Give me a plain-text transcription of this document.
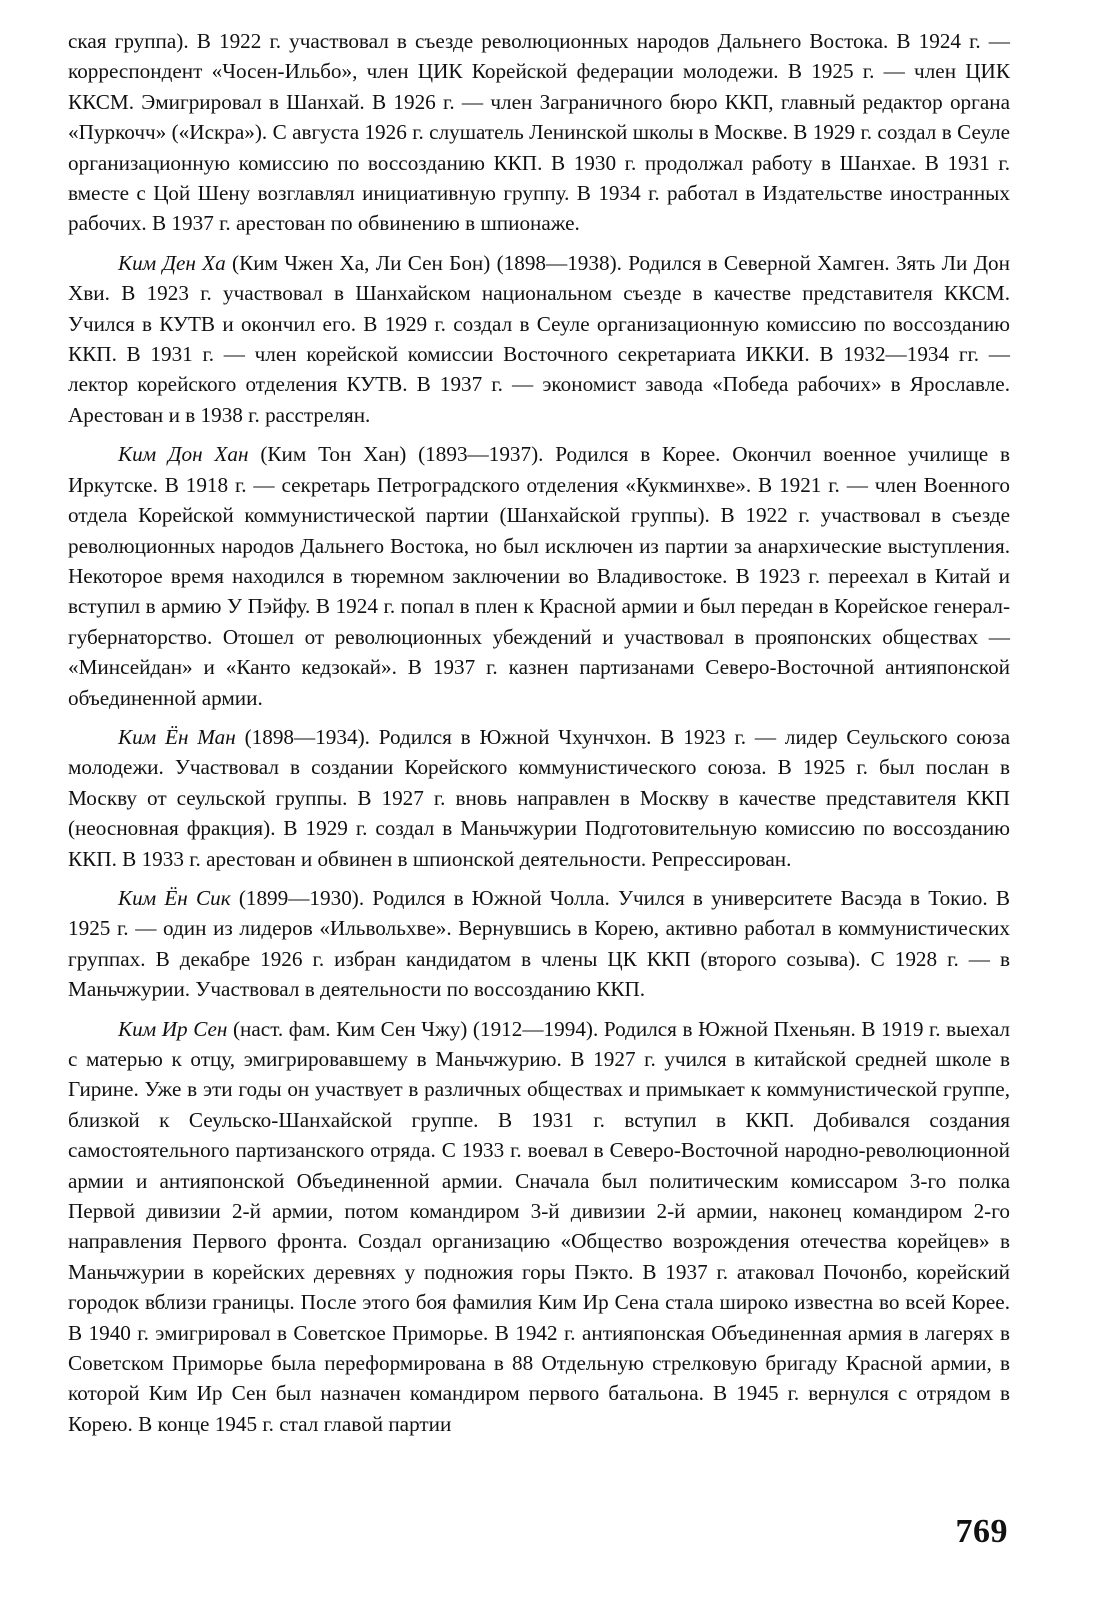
ская группа). В 1922 г. участвовал в съезде революционных народов Дальнего Востока. В 1924 г. — корреспондент «Чосен-Ильбо», член ЦИК Корейской федерации молодежи. В 1925 г. — член ЦИК ККСМ. Эмигрировал в Шанхай. В 1926 г. — член Заграничного бюро ККП, главный редактор органа «Пуркочч» («Искра»). С августа 1926 г. слушатель Ленинской школы в Москве. В 1929 г. создал в Сеуле организационную комиссию по воссозданию ККП. В 1930 г. продолжал работу в Шанхае. В 1931 г. вместе с Цой Шену возглавлял инициативную группу. В 1934 г. работал в Издательстве иностранных рабочих. В 1937 г. арестован по обвинению в шпионаже.

Ким Ден Ха (Ким Чжен Ха, Ли Сен Бон) (1898—1938). Родился в Северной Хамген. Зять Ли Дон Хви. В 1923 г. участвовал в Шанхайском национальном съезде в качестве представителя ККСМ. Учился в КУТВ и окончил его. В 1929 г. создал в Сеуле организационную комиссию по воссозданию ККП. В 1931 г. — член корейской комиссии Восточного секретариата ИККИ. В 1932—1934 гг. — лектор корейского отделения КУТВ. В 1937 г. — экономист завода «Победа рабочих» в Ярославле. Арестован и в 1938 г. расстрелян.

Ким Дон Хан (Ким Тон Хан) (1893—1937). Родился в Корее. Окончил военное училище в Иркутске. В 1918 г. — секретарь Петроградского отделения «Кукминхве». В 1921 г. — член Военного отдела Корейской коммунистической партии (Шанхайской группы). В 1922 г. участвовал в съезде революционных народов Дальнего Востока, но был исключен из партии за анархические выступления. Некоторое время находился в тюремном заключении во Владивостоке. В 1923 г. переехал в Китай и вступил в армию У Пэйфу. В 1924 г. попал в плен к Красной армии и был передан в Корейское генерал-губернаторство. Отошел от революционных убеждений и участвовал в прояпонских обществах — «Минсейдан» и «Канто кедзокай». В 1937 г. казнен партизанами Северо-Восточной антияпонской объединенной армии.

Ким Ён Ман (1898—1934). Родился в Южной Чхунчхон. В 1923 г. — лидер Сеульского союза молодежи. Участвовал в создании Корейского коммунистического союза. В 1925 г. был послан в Москву от сеульской группы. В 1927 г. вновь направлен в Москву в качестве представителя ККП (неосновная фракция). В 1929 г. создал в Маньчжурии Подготовительную комиссию по воссозданию ККП. В 1933 г. арестован и обвинен в шпионской деятельности. Репрессирован.

Ким Ён Сик (1899—1930). Родился в Южной Чолла. Учился в университете Васэда в Токио. В 1925 г. — один из лидеров «Ильвольхве». Вернувшись в Корею, активно работал в коммунистических группах. В декабре 1926 г. избран кандидатом в члены ЦК ККП (второго созыва). С 1928 г. — в Маньчжурии. Участвовал в деятельности по воссозданию ККП.

Ким Ир Сен (наст. фам. Ким Сен Чжу) (1912—1994). Родился в Южной Пхеньян. В 1919 г. выехал с матерью к отцу, эмигрировавшему в Маньчжурию. В 1927 г. учился в китайской средней школе в Гирине. Уже в эти годы он участвует в различных обществах и примыкает к коммунистической группе, близкой к Сеульско-Шанхайской группе. В 1931 г. вступил в ККП. Добивался создания самостоятельного партизанского отряда. С 1933 г. воевал в Северо-Восточной народно-революционной армии и антияпонской Объединенной армии. Сначала был политическим комиссаром 3-го полка Первой дивизии 2-й армии, потом командиром 3-й дивизии 2-й армии, наконец командиром 2-го направления Первого фронта. Создал организацию «Общество возрождения отечества корейцев» в Маньчжурии в корейских деревнях у подножия горы Пэкто. В 1937 г. атаковал Почонбо, корейский городок вблизи границы. После этого боя фамилия Ким Ир Сена стала широко известна во всей Корее. В 1940 г. эмигрировал в Советское Приморье. В 1942 г. антияпонская Объединенная армия в лагерях в Советском Приморье была переформирована в 88 Отдельную стрелковую бригаду Красной армии, в которой Ким Ир Сен был назначен командиром первого батальона. В 1945 г. вернулся с отрядом в Корею. В конце 1945 г. стал главой партии

769
